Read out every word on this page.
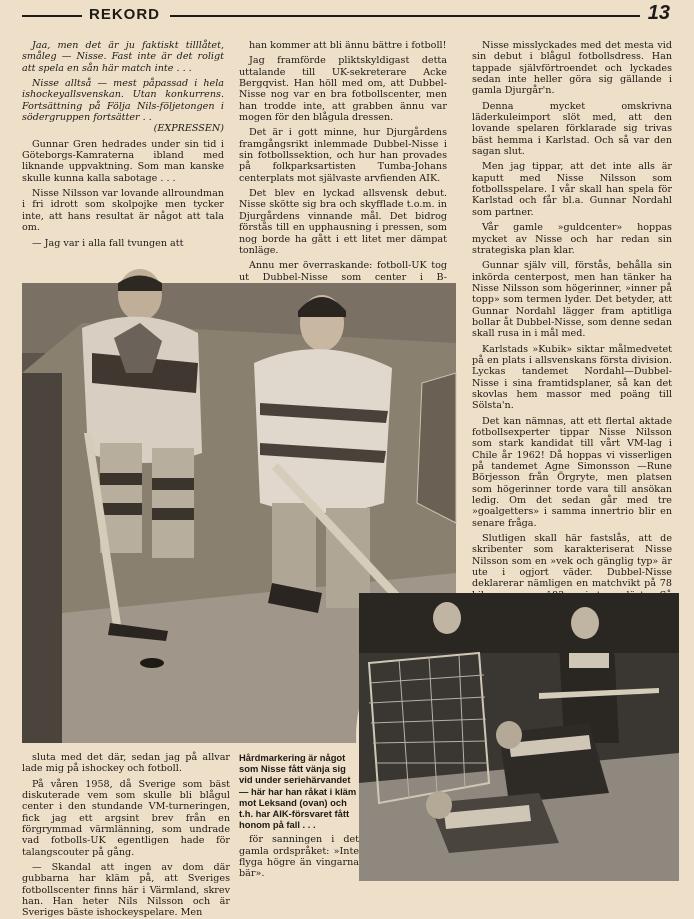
REKORD	13

Jaa, men det är ju faktiskt tilllåtet, småleg — Nisse. Fast inte är det roligt att spela en sån här match inte . . .

Nisse alltså — mest påpassad i hela ishockeyallsvenskan. Utan konkurrens. Fortsättning på Följa Nils-följetongen i södergruppen fortsätter . .

(EXPRESSEN)

Gunnar Gren hedrades under sin tid i Göteborgs-Kamraterna ibland med liknande uppvaktning. Som man kanske skulle kunna kalla sabotage . . .

Nisse Nilsson var lovande allroundman i fri idrott som skolpojke men tycker inte, att hans resultat är något att tala om.

— Jag var i alla fall tvungen att

han kommer att bli ännu bättre i fotboll!

Jag framförde pliktskyldigast detta uttalande till UK-sekreterare Acke Bergqvist. Han höll med om, att Dubbel-Nisse nog var en bra fotbollscenter, men han trodde inte, att grabben ännu var mogen för den blågula dressen.

Det är i gott minne, hur Djurgårdens framgångsrikt inlemmade Dubbel-Nisse i sin fotbollssektion, och hur han provades på folkparksartisten Tumba-Johans centerplats mot självaste arvfienden AIK.

Det blev en lyckad allsvensk debut. Nisse skötte sig bra och skyfflade t.o.m. in Djurgårdens vinnande mål. Det bidrog förstås till en upphausning i pressen, som nog borde ha gått i ett litet mer dämpat tonläge.

Annu mer överraskande: fotboll-UK tog ut Dubbel-Nisse som center i B-

Nisse misslyckades med det mesta vid sin debut i blågul fotbollsdress. Han tappade självförtroendet och lyckades sedan inte heller göra sig gällande i gamla Djurgår'n.

Denna mycket omskrivna läderkuleimport slöt med, att den lovande spelaren förklarade sig trivas bäst hemma i Karlstad. Och så var den sagan slut.

Men jag tippar, att det inte alls är kaputt med Nisse Nilsson som fotbollsspelare. I vår skall han spela för Karlstad och får bl.a. Gunnar Nordahl som partner.

Vår gamle »guldcenter» hoppas mycket av Nisse och har redan sin strategiska plan klar.

Gunnar själv vill, förstås, behålla sin inkörda centerpost, men han tänker ha Nisse Nilsson som högerinner, »inner på topp» som termen lyder. Det betyder, att Gunnar Nordahl lägger fram aptitliga bollar åt Dubbel-Nisse, som denne sedan skall rusa in i mål med.

Karlstads »Kubik» siktar målmedvetet på en plats i allsvenskans första division. Lyckas tandemet Nordahl—Dubbel-Nisse i sina framtidsplaner, så kan det skovlas hem massor med poäng till Sölsta'n.

Det kan nämnas, att ett flertal aktade fotbollsexperter tippar Nisse Nilsson som stark kandidat till vårt VM-lag i Chile år 1962! Då hoppas vi visserligen på tandemet Agne Simonsson —Rune Börjesson från Örgryte, men platsen som högerinner torde vara till ansökan ledig. Om det sedan går med tre »goalgetters» i samma innertrio blir en senare fråga.

Slutligen skall här fastslås, att de skribenter som karakteriserat Nisse Nilsson som en »vek och gänglig typ» är ute i ogjort väder. Dubbel-Nisse deklarerar nämligen en matchvikt på 78

sluta med det där, sedan jag på allvar lade mig på ishockey och fotboll.

På våren 1958, då Sverige som bäst diskuterade vem som skulle bli blågul center i den stundande VM-turneringen, fick jag ett argsint brev från en förgrymmad värmlänning, som undrade vad fotbolls-UK egentligen hade för talangscouter på gång.

— Skandal att ingen av dom där gubbarna har kläm på, att Sveriges fotbollscenter finns här i Värmland, skrev han. Han heter Nils Nilsson och är Sveriges bäste ishockeyspelare. Men

Hårdmarkering är något som Nisse fått vänja sig vid under seriehärvandet — här har han råkat i kläm mot Leksand (ovan) och t.h. har AIK-försvaret fått honom på fall . . .

för sanningen i det gamla ordspråket: »Inte flyga högre än vingarna bär».
